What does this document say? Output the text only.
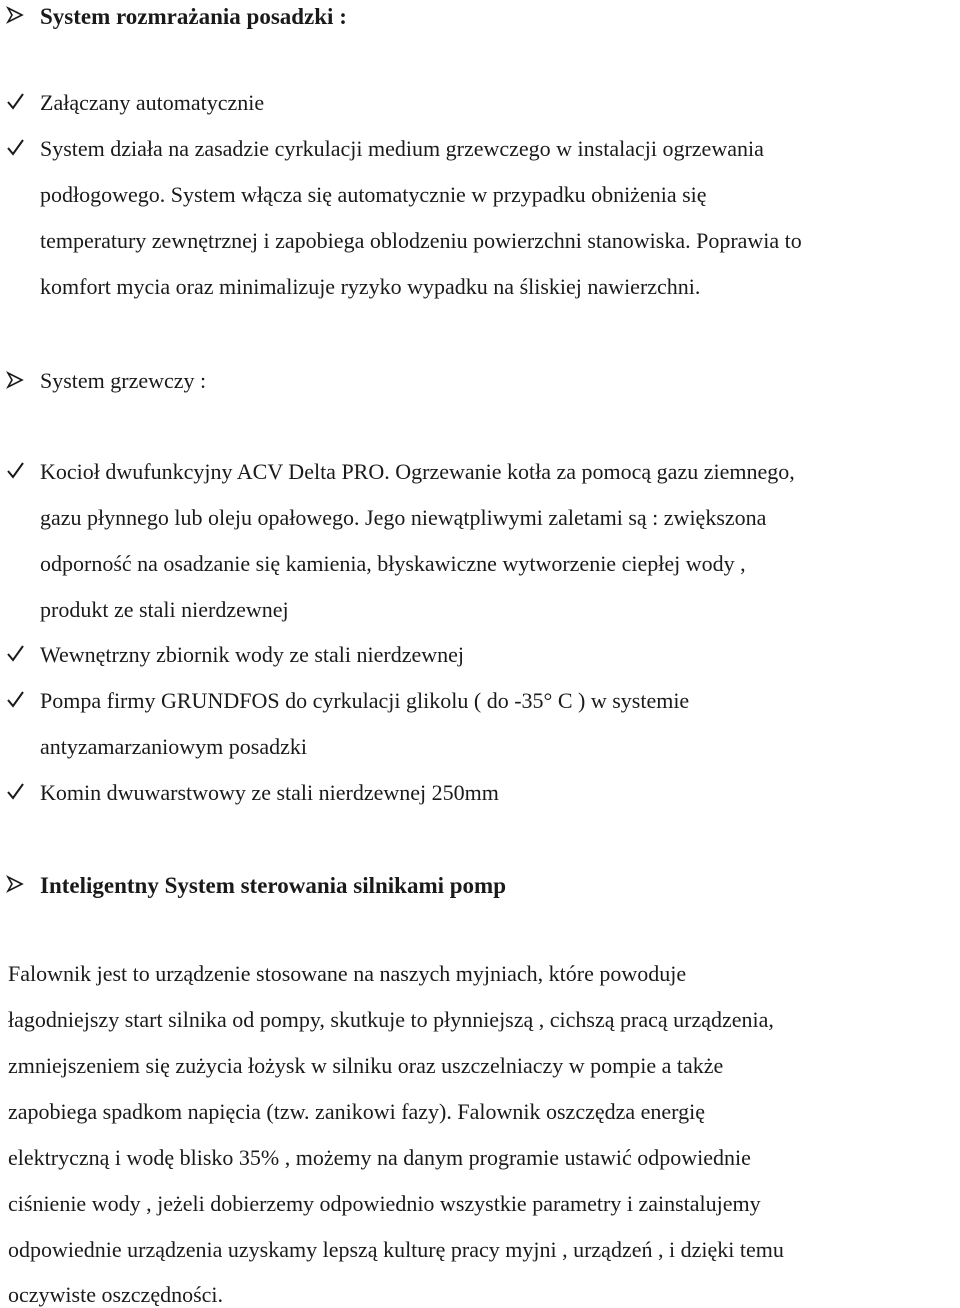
System rozmrażania posadzki :
Załączany automatycznie
System działa na zasadzie cyrkulacji medium grzewczego w instalacji ogrzewania
podłogowego. System włącza się automatycznie w przypadku obniżenia się
temperatury zewnętrznej i zapobiega oblodzeniu powierzchni stanowiska. Poprawia to
komfort mycia oraz minimalizuje ryzyko wypadku na śliskiej nawierzchni.
System grzewczy :
Kocioł dwufunkcyjny ACV Delta PRO. Ogrzewanie kotła za pomocą gazu ziemnego,
gazu płynnego lub oleju opałowego. Jego niewątpliwymi zaletami są : zwiększona
odporność na osadzanie się kamienia, błyskawiczne wytworzenie ciepłej wody ,
produkt ze stali nierdzewnej
Wewnętrzny zbiornik wody ze stali nierdzewnej
Pompa firmy GRUNDFOS do cyrkulacji glikolu ( do -35° C ) w systemie
antyzamarzaniowym posadzki
Komin dwuwarstwowy ze stali nierdzewnej 250mm
Inteligentny System sterowania silnikami pomp
Falownik jest to urządzenie stosowane na naszych myjniach, które powoduje
łagodniejszy start silnika od pompy, skutkuje to płynniejszą , cichszą pracą urządzenia,
zmniejszeniem się zużycia łożysk w silniku oraz uszczelniaczy w pompie a także
zapobiega spadkom napięcia (tzw. zanikowi fazy). Falownik oszczędza energię
elektryczną i wodę blisko 35% , możemy na danym programie ustawić odpowiednie
ciśnienie wody , jeżeli dobierzemy odpowiednio wszystkie parametry i zainstalujemy
odpowiednie urządzenia uzyskamy lepszą kulturę pracy myjni , urządzeń , i dzięki temu
oczywiste oszczędności.
